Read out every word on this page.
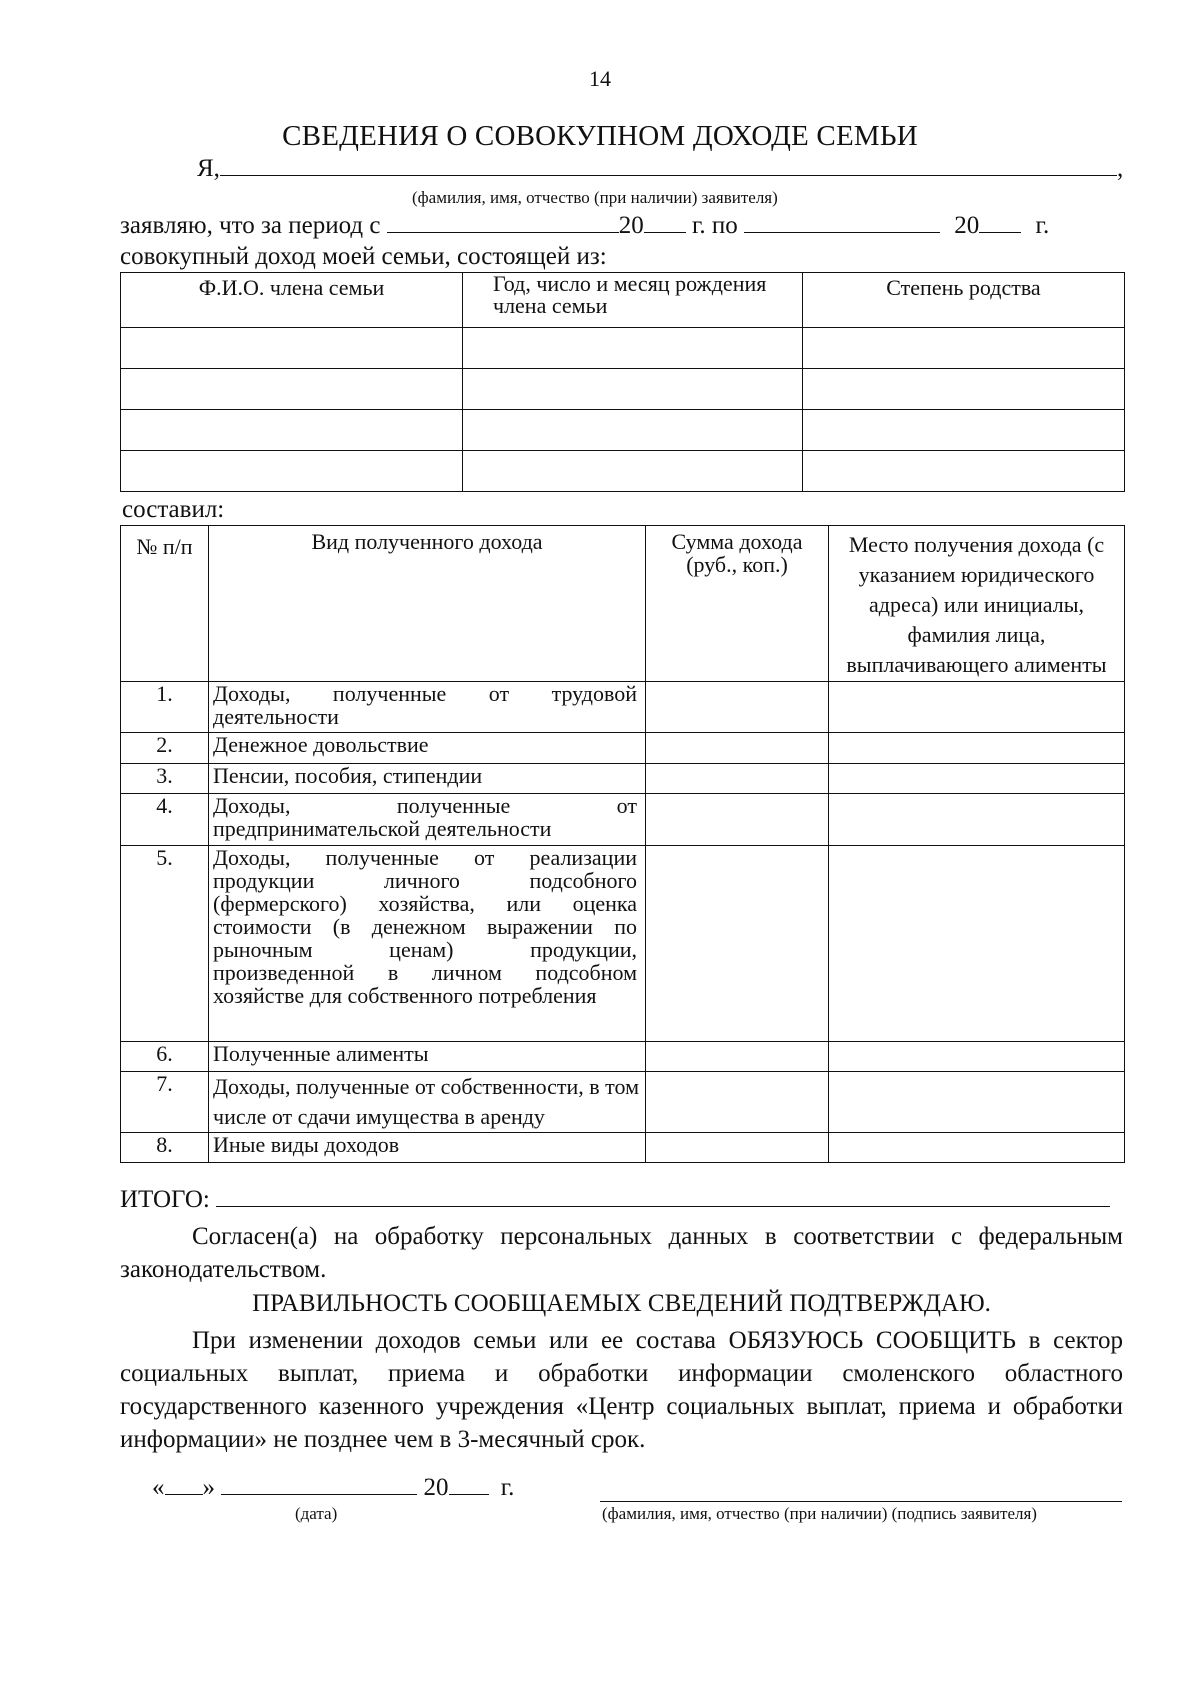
14
СВЕДЕНИЯ О СОВОКУПНОМ ДОХОДЕ СЕМЬИ
Я,	,
(фамилия, имя, отчество (при наличии) заявителя)
заявляю, что за период с	20 г. по	20 г.
совокупный доход моей семьи, состоящей из:
Ф.И.О. члена семьи	Год, число и месяц рождения члена семьи	Степень родства

составил:
№ п/п	Вид полученного дохода	Сумма дохода (руб., коп.)	Место получения дохода (с указанием юридического адреса) или инициалы, фамилия лица, выплачивающего алименты
1.	Доходы, полученные от трудовой деятельности		
2.	Денежное довольствие		
3.	Пенсии, пособия, стипендии		
4.	Доходы, полученные от предпринимательской деятельности		
5.	Доходы, полученные от реализации продукции личного подсобного (фермерского) хозяйства, или оценка стоимости (в денежном выражении по рыночным ценам) продукции, произведенной в личном подсобном хозяйстве для собственного потребления		
6.	Полученные алименты		
7.	Доходы, полученные от собственности, в том числе от сдачи имущества в аренду		
8.	Иные виды доходов		
ИТОГО:
Согласен(а) на обработку персональных данных в соответствии с федеральным законодательством.
ПРАВИЛЬНОСТЬ СООБЩАЕМЫХ СВЕДЕНИЙ ПОДТВЕРЖДАЮ.
При изменении доходов семьи или ее состава ОБЯЗУЮСЬ СООБЩИТЬ в сектор социальных выплат, приема и обработки информации смоленского областного государственного казенного учреждения «Центр социальных выплат, приема и обработки информации» не позднее чем в 3-месячный срок.
« »	20 г.
(дата)	(фамилия, имя, отчество (при наличии) (подпись заявителя)
